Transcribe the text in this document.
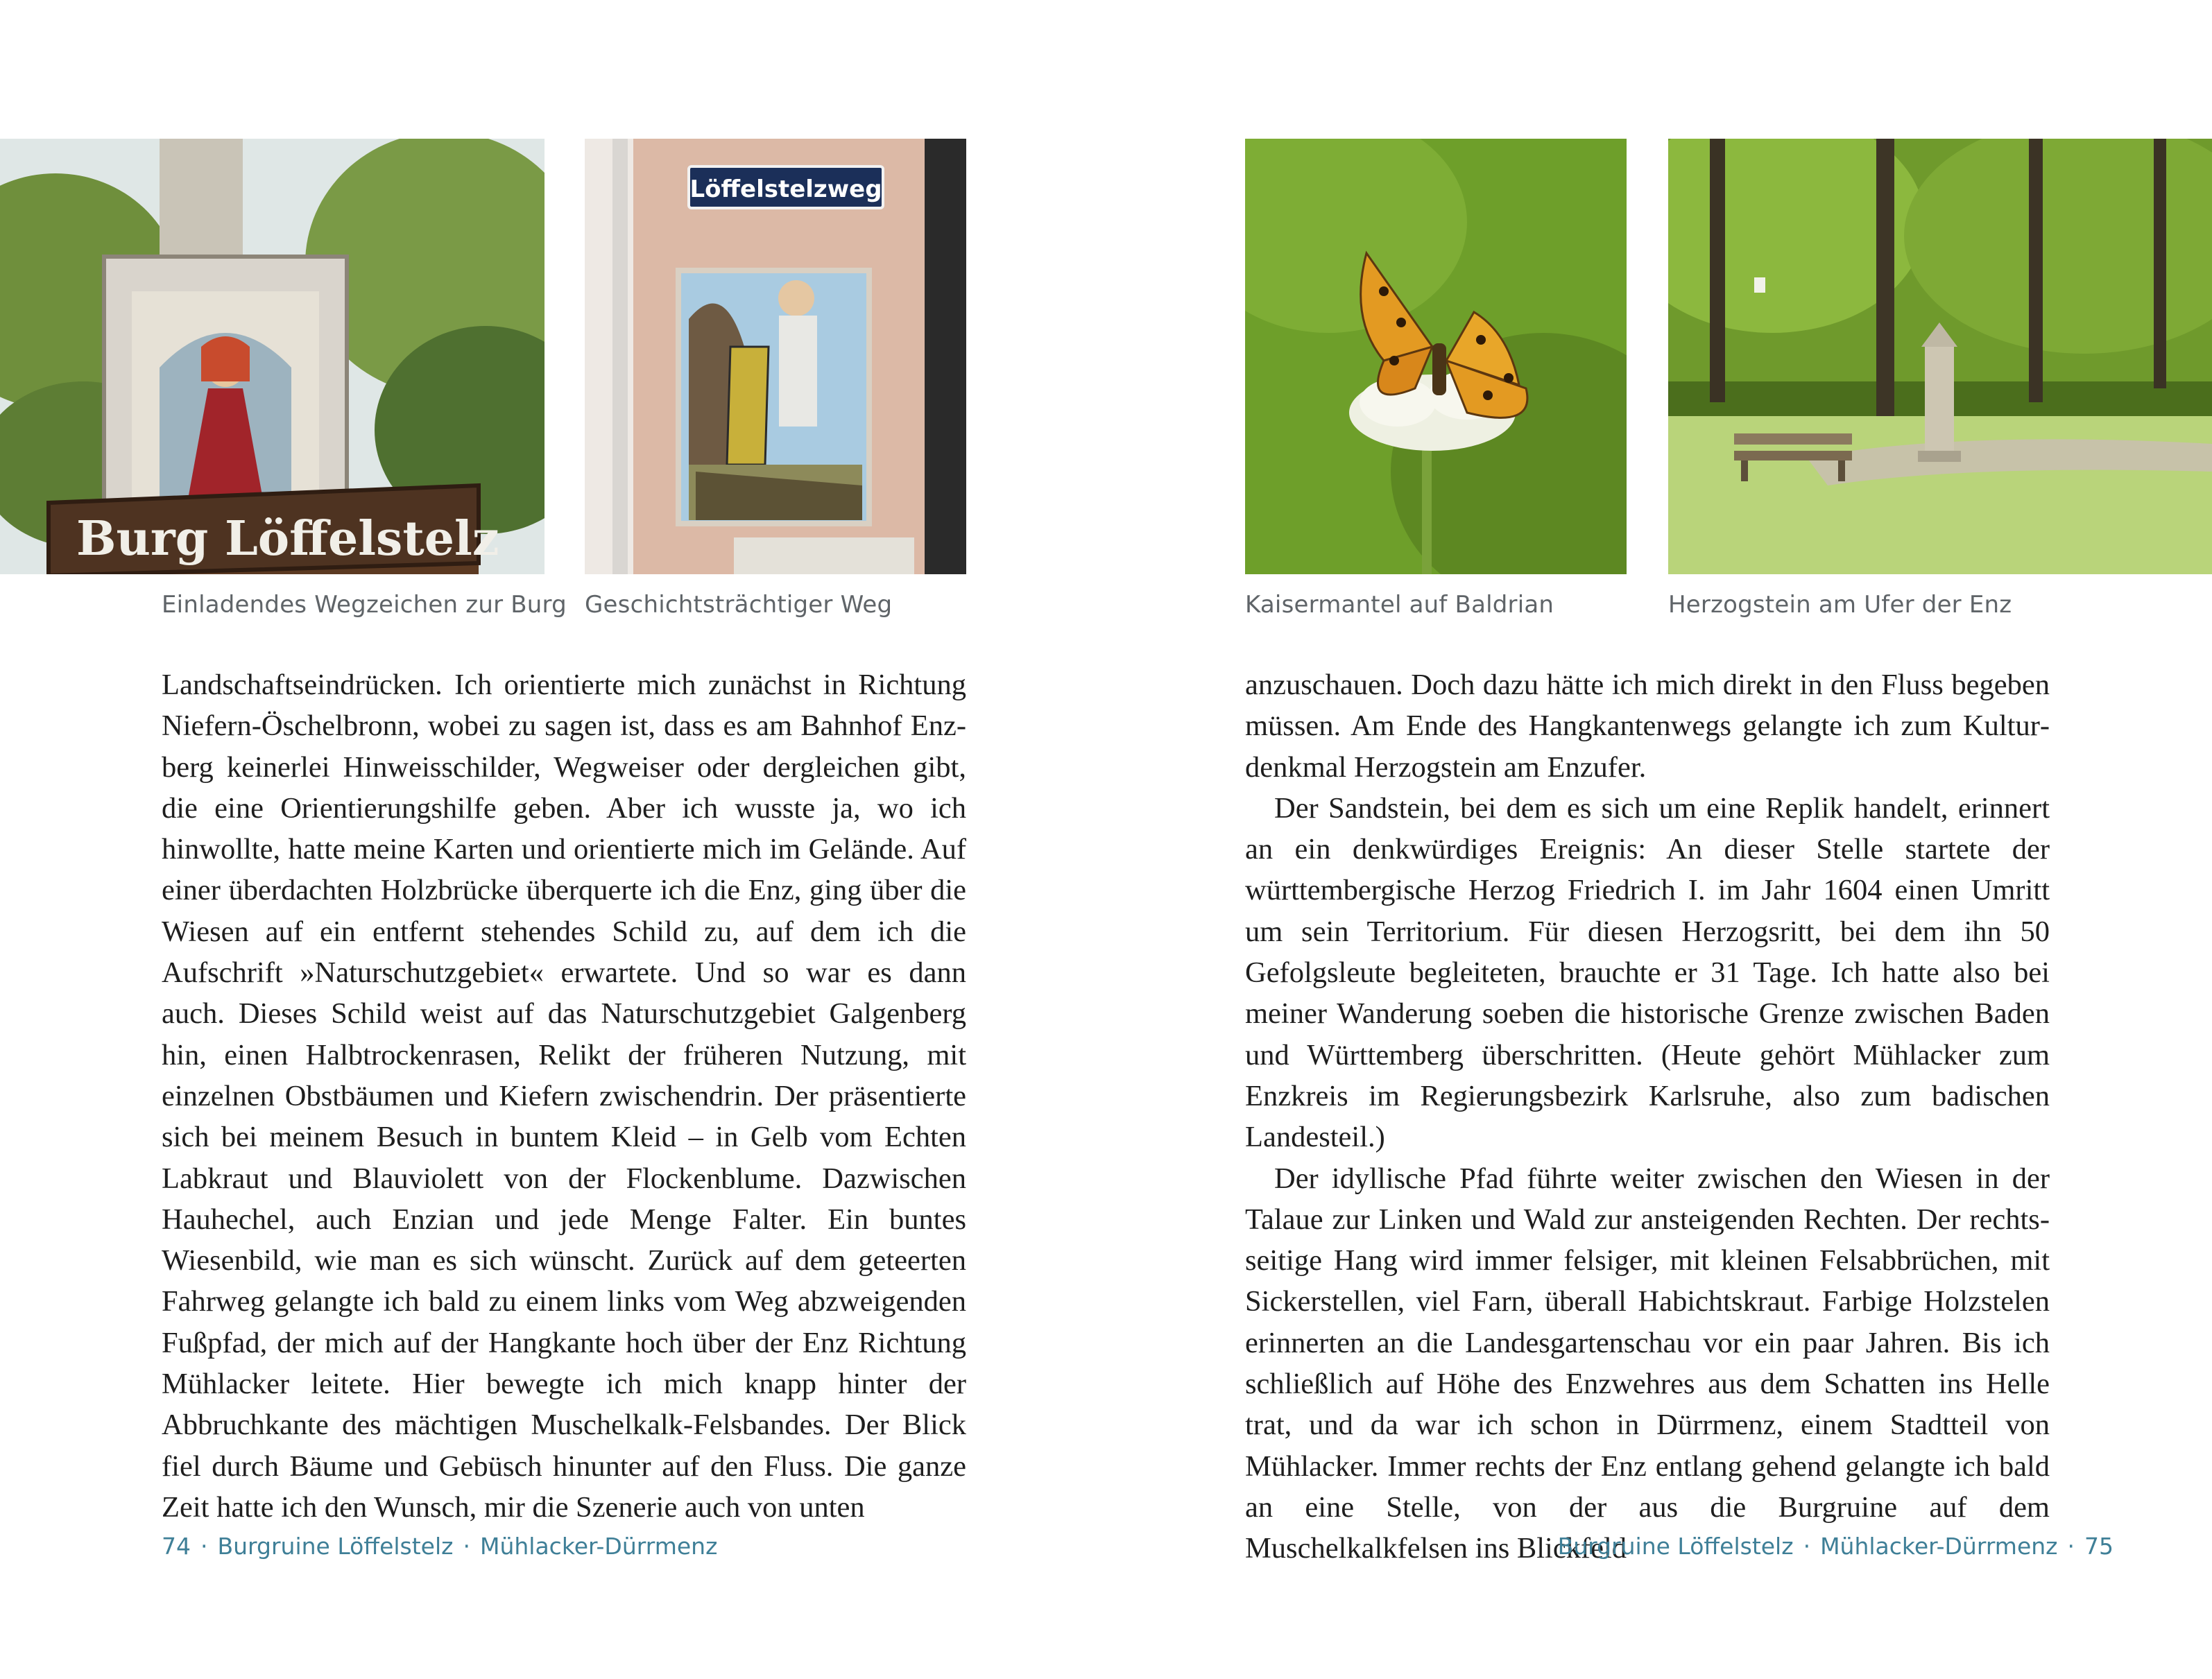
Burg Löffelstelz
Löffelstelzweg
Einladendes Wegzeichen zur Burg Geschichtsträchtiger Weg

Landschaftseindrücken. Ich orientierte mich zunächst in Richtung Niefern-Öschelbronn, wobei zu sagen ist, dass es am Bahnhof Enzberg keinerlei Hinweisschilder, Wegweiser oder dergleichen gibt, die eine Orientierungshilfe geben. Aber ich wusste ja, wo ich hinwollte, hatte meine Karten und orientierte mich im Gelände. Auf einer überdachten Holzbrücke überquerte ich die Enz, ging über die Wiesen auf ein entfernt stehendes Schild zu, auf dem ich die Aufschrift »Naturschutzgebiet« erwartete. Und so war es dann auch. Dieses Schild weist auf das Naturschutzgebiet Galgenberg hin, einen Halbtrockenrasen, Relikt der früheren Nutzung, mit einzelnen Obstbäumen und Kiefern zwischendrin. Der präsentierte sich bei meinem Besuch in buntem Kleid – in Gelb vom Echten Labkraut und Blauviolett von der Flockenblume. Dazwischen Hauhechel, auch Enzian und jede Menge Falter. Ein buntes Wiesenbild, wie man es sich wünscht. Zurück auf dem geteerten Fahrweg gelangte ich bald zu einem links vom Weg abzweigenden Fußpfad, der mich auf der Hangkante hoch über der Enz Richtung Mühlacker leitete. Hier bewegte ich mich knapp hinter der Abbruchkante des mächtigen Muschelkalk-Felsbandes. Der Blick fiel durch Bäume und Gebüsch hinunter auf den Fluss. Die ganze Zeit hatte ich den Wunsch, mir die Szenerie auch von unten

74 · Burgruine Löffelstelz · Mühlacker-Dürrmenz
Kaisermantel auf Baldrian	Herzogstein am Ufer der Enz

anzuschauen. Doch dazu hätte ich mich direkt in den Fluss begeben müssen. Am Ende des Hangkantenwegs gelangte ich zum Kulturdenkmal Herzogstein am Enzufer.

Der Sandstein, bei dem es sich um eine Replik handelt, erinnert an ein denkwürdiges Ereignis: An dieser Stelle startete der württembergische Herzog Friedrich I. im Jahr 1604 einen Umritt um sein Territorium. Für diesen Herzogsritt, bei dem ihn 50 Gefolgsleute begleiteten, brauchte er 31 Tage. Ich hatte also bei meiner Wanderung soeben die historische Grenze zwischen Baden und Württemberg überschritten. (Heute gehört Mühlacker zum Enzkreis im Regierungsbezirk Karlsruhe, also zum badischen Landesteil.)

Der idyllische Pfad führte weiter zwischen den Wiesen in der Talaue zur Linken und Wald zur ansteigenden Rechten. Der rechtsseitige Hang wird immer felsiger, mit kleinen Felsabbrüchen, mit Sickerstellen, viel Farn, überall Habichtskraut. Farbige Holzstelen erinnerten an die Landesgartenschau vor ein paar Jahren. Bis ich schließlich auf Höhe des Enzwehres aus dem Schatten ins Helle trat, und da war ich schon in Dürrmenz, einem Stadtteil von Mühlacker. Immer rechts der Enz entlang gehend gelangte ich bald an eine Stelle, von der aus die Burgruine auf dem Muschelkalkfelsen ins Blickfeld

Burgruine Löffelstelz · Mühlacker-Dürrmenz · 75
